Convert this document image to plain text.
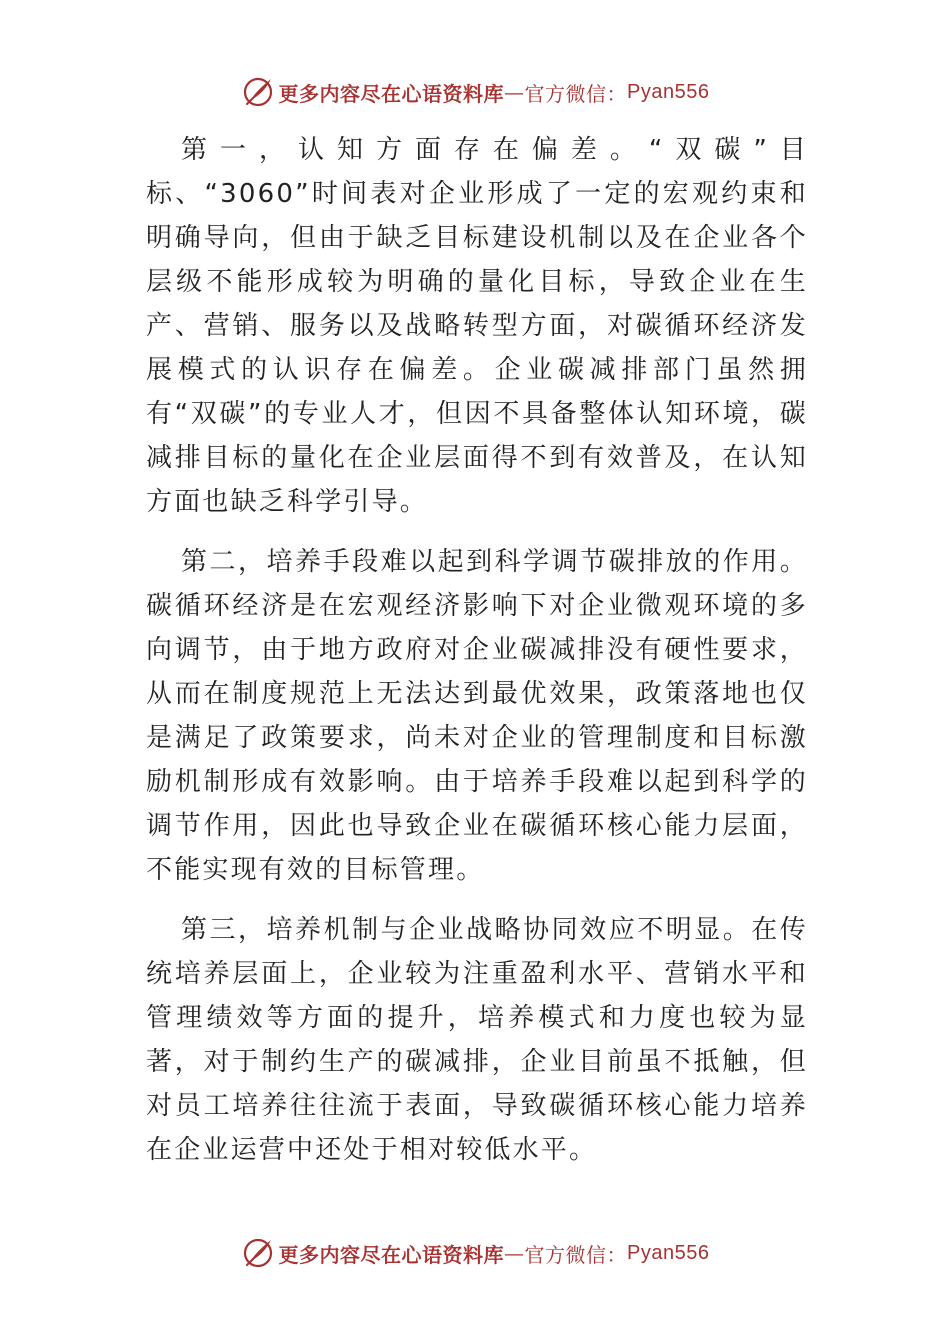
更多内容尽在心语资料库 — 官方微信： Pyan556

第一，认知方面存在偏差。“双碳”目标、“3060”时间表对企业形成了一定的宏观约束和明确导向，但由于缺乏目标建设机制以及在企业各个层级不能形成较为明确的量化目标，导致企业在生产、营销、服务以及战略转型方面，对碳循环经济发展模式的认识存在偏差。企业碳减排部门虽然拥有“双碳”的专业人才，但因不具备整体认知环境，碳减排目标的量化在企业层面得不到有效普及，在认知方面也缺乏科学引导。

第二，培养手段难以起到科学调节碳排放的作用。碳循环经济是在宏观经济影响下对企业微观环境的多向调节，由于地方政府对企业碳减排没有硬性要求，从而在制度规范上无法达到最优效果，政策落地也仅是满足了政策要求，尚未对企业的管理制度和目标激励机制形成有效影响。由于培养手段难以起到科学的调节作用，因此也导致企业在碳循环核心能力层面，不能实现有效的目标管理。

第三，培养机制与企业战略协同效应不明显。在传统培养层面上，企业较为注重盈利水平、营销水平和管理绩效等方面的提升，培养模式和力度也较为显著，对于制约生产的碳减排，企业目前虽不抵触，但对员工培养往往流于表面，导致碳循环核心能力培养在企业运营中还处于相对较低水平。

更多内容尽在心语资料库 — 官方微信： Pyan556
